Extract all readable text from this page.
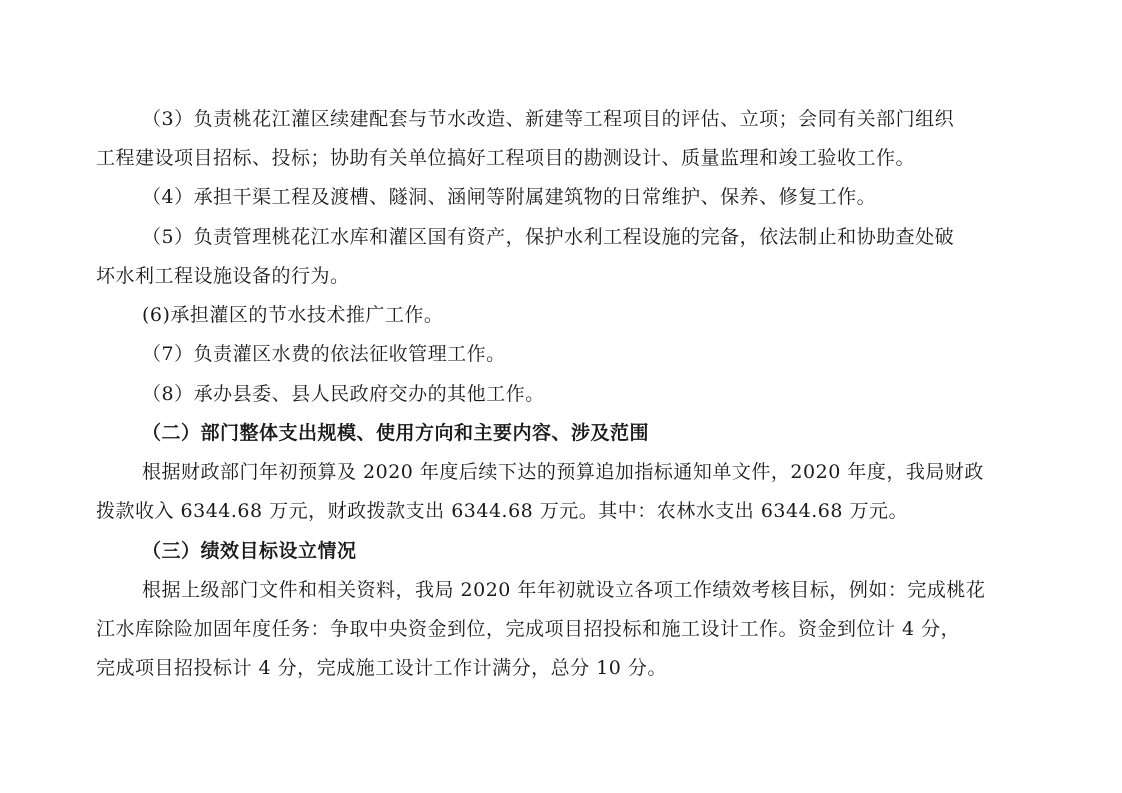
（3）负责桃花江灌区续建配套与节水改造、新建等工程项目的评估、立项；会同有关部门组织
工程建设项目招标、投标；协助有关单位搞好工程项目的勘测设计、质量监理和竣工验收工作。
（4）承担干渠工程及渡槽、隧洞、涵闸等附属建筑物的日常维护、保养、修复工作。
（5）负责管理桃花江水库和灌区国有资产，保护水利工程设施的完备，依法制止和协助查处破
坏水利工程设施设备的行为。
(6)承担灌区的节水技术推广工作。
（7）负责灌区水费的依法征收管理工作。
（8）承办县委、县人民政府交办的其他工作。
（二）部门整体支出规模、使用方向和主要内容、涉及范围
根据财政部门年初预算及 2020 年度后续下达的预算追加指标通知单文件，2020 年度，我局财政
拨款收入 6344.68 万元，财政拨款支出 6344.68 万元。其中：农林水支出 6344.68 万元。
（三）绩效目标设立情况
根据上级部门文件和相关资料，我局 2020 年年初就设立各项工作绩效考核目标，例如：完成桃花
江水库除险加固年度任务：争取中央资金到位，完成项目招投标和施工设计工作。资金到位计 4 分，
完成项目招投标计 4 分，完成施工设计工作计满分，总分 10 分。
